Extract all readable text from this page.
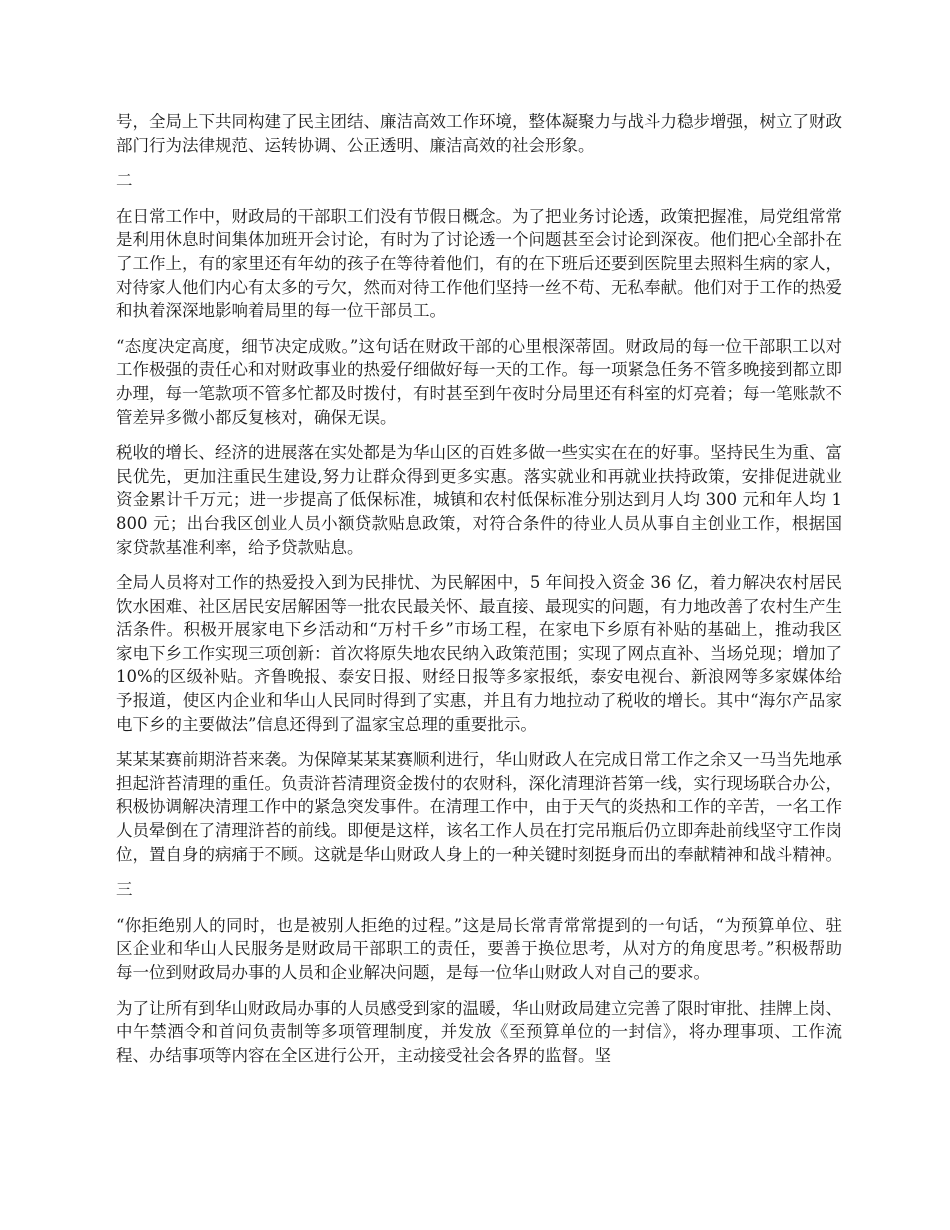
号，全局上下共同构建了民主团结、廉洁高效工作环境，整体凝聚力与战斗力稳步增强，树立了财政部门行为法律规范、运转协调、公正透明、廉洁高效的社会形象。

二

在日常工作中，财政局的干部职工们没有节假日概念。为了把业务讨论透，政策把握准，局党组常常是利用休息时间集体加班开会讨论，有时为了讨论透一个问题甚至会讨论到深夜。他们把心全部扑在了工作上，有的家里还有年幼的孩子在等待着他们，有的在下班后还要到医院里去照料生病的家人，对待家人他们内心有太多的亏欠，然而对待工作他们坚持一丝不苟、无私奉献。他们对于工作的热爱和执着深深地影响着局里的每一位干部员工。

“态度决定高度，细节决定成败。”这句话在财政干部的心里根深蒂固。财政局的每一位干部职工以对工作极强的责任心和对财政事业的热爱仔细做好每一天的工作。每一项紧急任务不管多晚接到都立即办理，每一笔款项不管多忙都及时拨付，有时甚至到午夜时分局里还有科室的灯亮着；每一笔账款不管差异多微小都反复核对，确保无误。

税收的增长、经济的进展落在实处都是为华山区的百姓多做一些实实在在的好事。坚持民生为重、富民优先，更加注重民生建设,努力让群众得到更多实惠。落实就业和再就业扶持政策，安排促进就业资金累计千万元；进一步提高了低保标准，城镇和农村低保标准分别达到月人均 300 元和年人均 1800 元；出台我区创业人员小额贷款贴息政策，对符合条件的待业人员从事自主创业工作，根据国家贷款基准利率，给予贷款贴息。

全局人员将对工作的热爱投入到为民排忧、为民解困中，5 年间投入资金 36 亿，着力解决农村居民饮水困难、社区居民安居解困等一批农民最关怀、最直接、最现实的问题，有力地改善了农村生产生活条件。积极开展家电下乡活动和“万村千乡”市场工程，在家电下乡原有补贴的基础上，推动我区家电下乡工作实现三项创新：首次将原失地农民纳入政策范围；实现了网点直补、当场兑现；增加了 10%的区级补贴。齐鲁晚报、泰安日报、财经日报等多家报纸，泰安电视台、新浪网等多家媒体给予报道，使区内企业和华山人民同时得到了实惠，并且有力地拉动了税收的增长。其中“海尔产品家电下乡的主要做法”信息还得到了温家宝总理的重要批示。

某某某赛前期浒苔来袭。为保障某某某赛顺利进行，华山财政人在完成日常工作之余又一马当先地承担起浒苔清理的重任。负责浒苔清理资金拨付的农财科，深化清理浒苔第一线，实行现场联合办公，积极协调解决清理工作中的紧急突发事件。在清理工作中，由于天气的炎热和工作的辛苦，一名工作人员晕倒在了清理浒苔的前线。即便是这样，该名工作人员在打完吊瓶后仍立即奔赴前线坚守工作岗位，置自身的病痛于不顾。这就是华山财政人身上的一种关键时刻挺身而出的奉献精神和战斗精神。

三

“你拒绝别人的同时，也是被别人拒绝的过程。”这是局长常青常常提到的一句话，“为预算单位、驻区企业和华山人民服务是财政局干部职工的责任，要善于换位思考，从对方的角度思考。”积极帮助每一位到财政局办事的人员和企业解决问题，是每一位华山财政人对自己的要求。

为了让所有到华山财政局办事的人员感受到家的温暖，华山财政局建立完善了限时审批、挂牌上岗、中午禁酒令和首问负责制等多项管理制度，并发放《至预算单位的一封信》，将办理事项、工作流程、办结事项等内容在全区进行公开，主动接受社会各界的监督。坚
